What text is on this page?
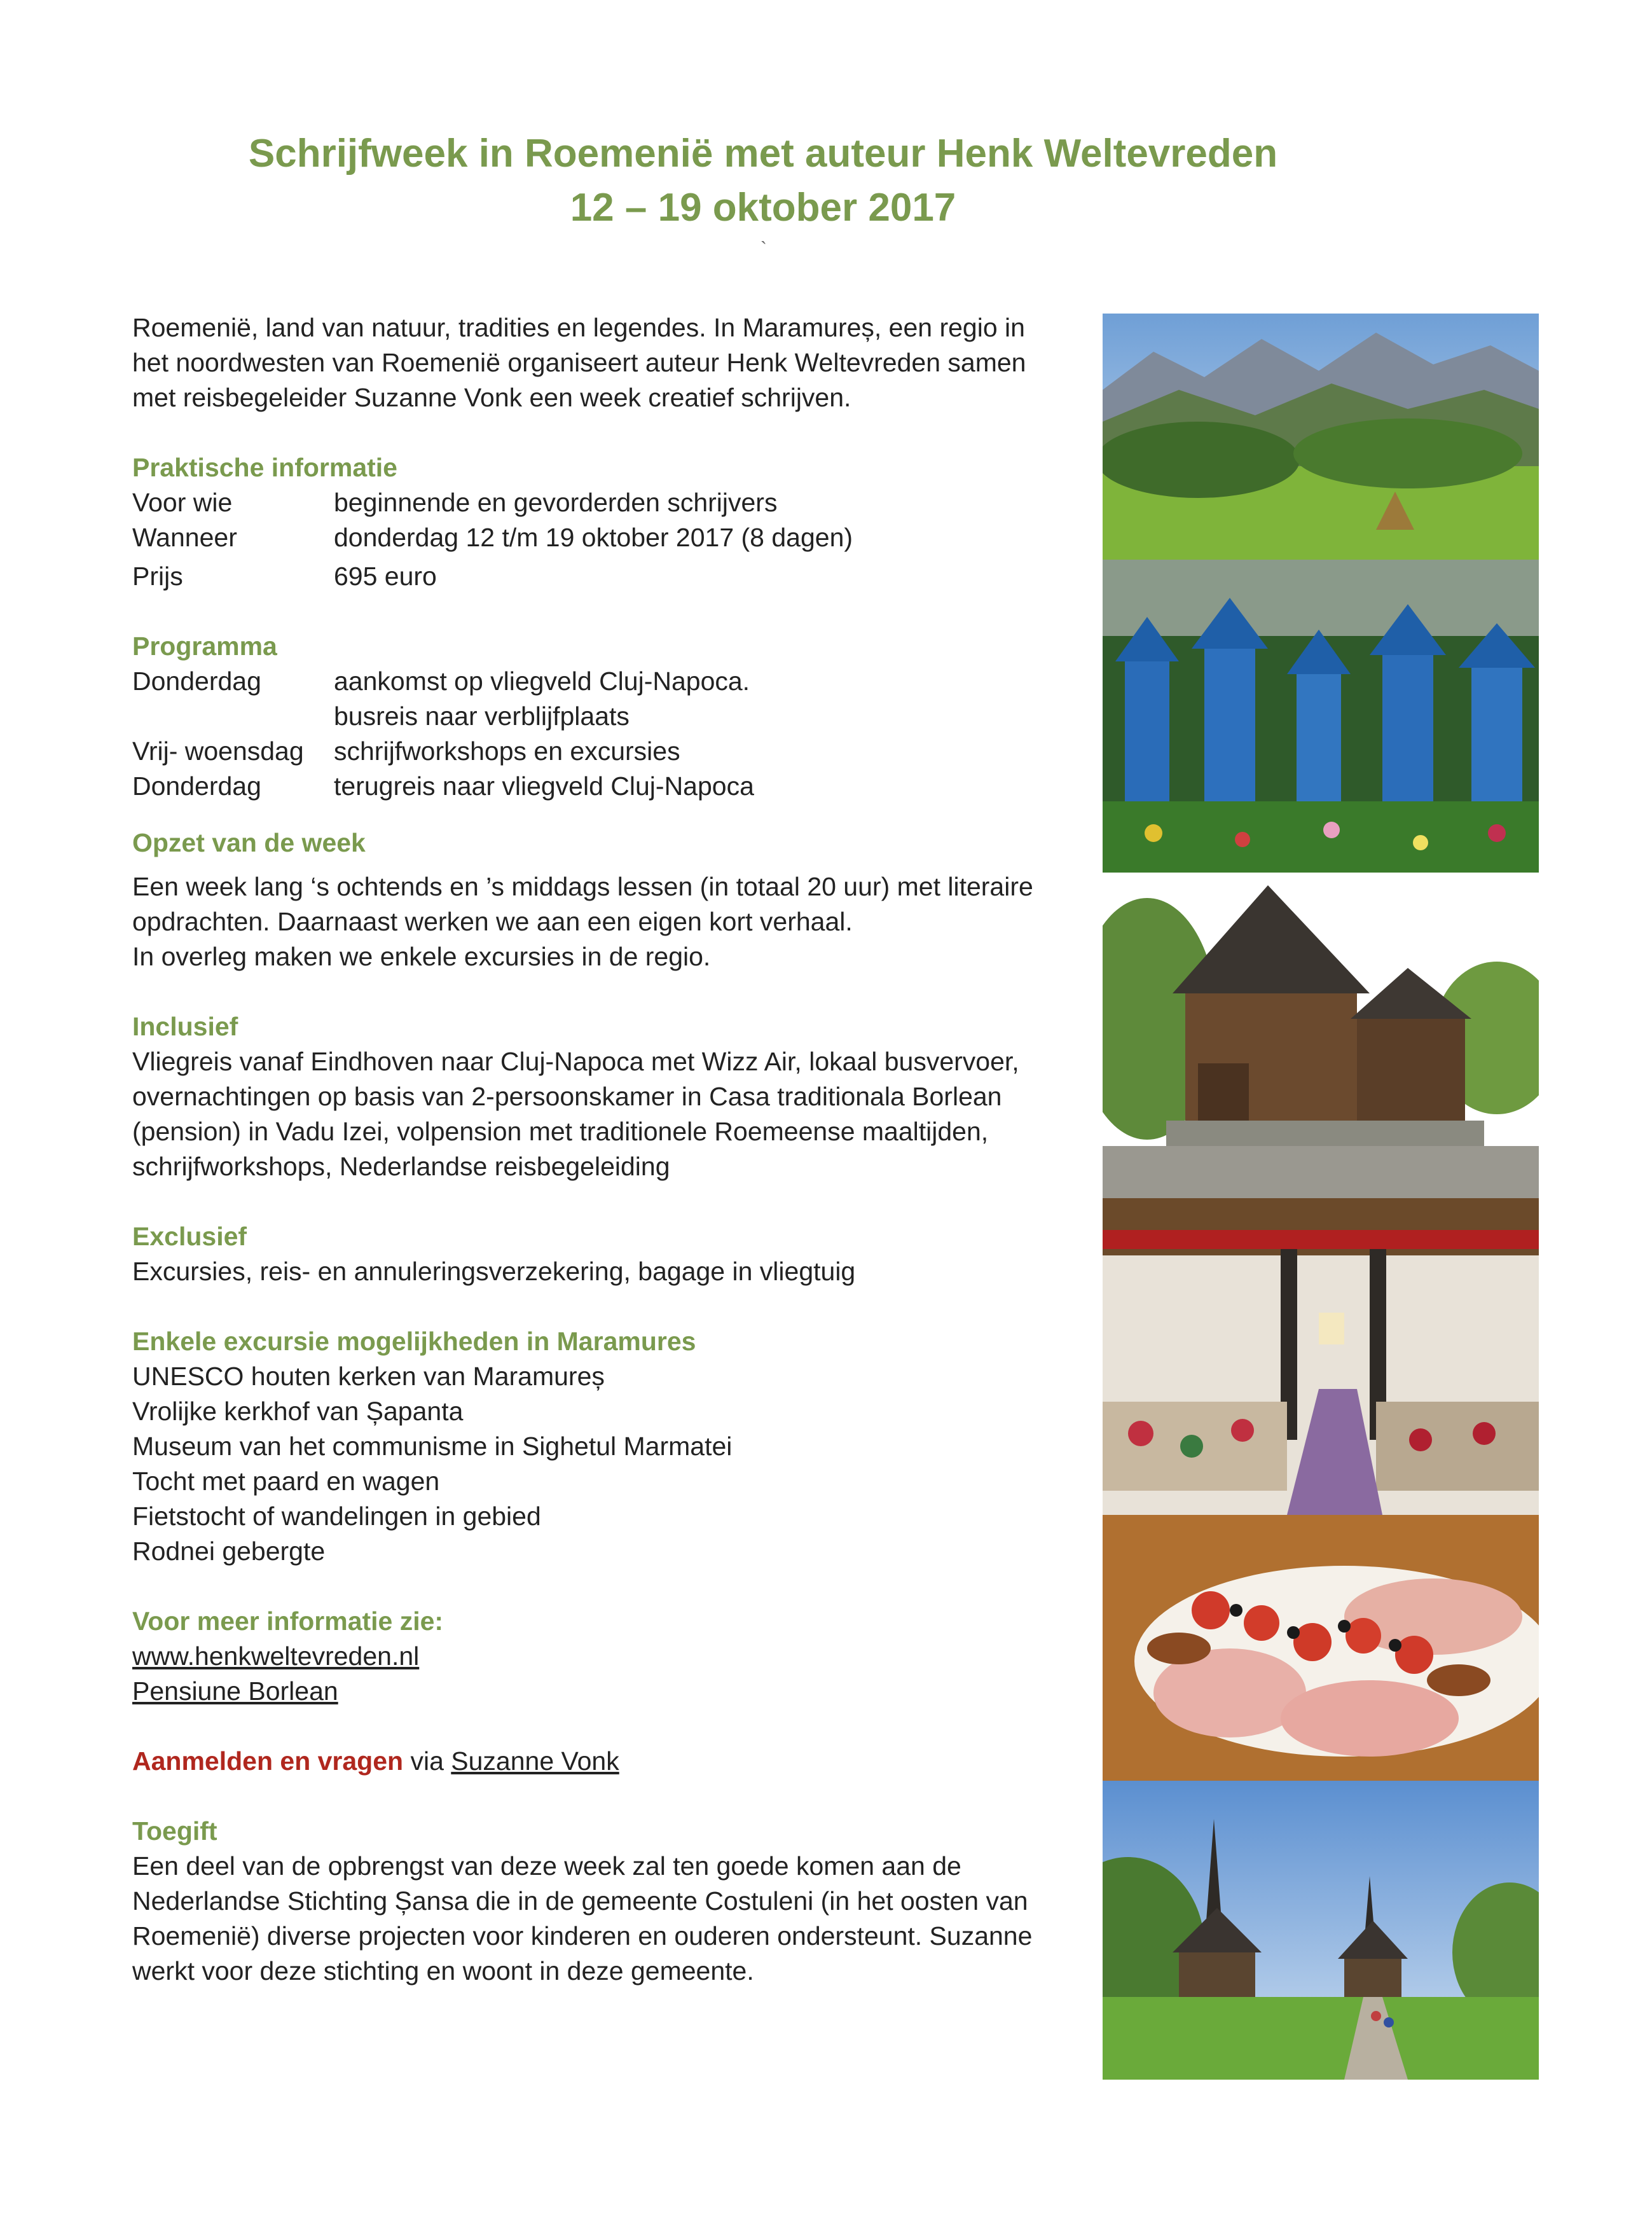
Schrijfweek in Roemenië met auteur Henk Weltevreden
12 – 19 oktober 2017
`

Roemenië, land van natuur, tradities en legendes. In Maramureș, een regio in

het noordwesten van Roemenië organiseert auteur Henk Weltevreden samen

met reisbegeleider Suzanne Vonk een week creatief schrijven.

Praktische informatie

Voor wie	beginnende en gevorderden schrijvers
Wanneer	donderdag 12 t/m 19 oktober 2017 (8 dagen)
Prijs	695 euro

Programma

Donderdag	aankomst op vliegveld Cluj-Napoca.
busreis naar verblijfplaats
Vrij- woensdag	schrijfworkshops en excursies
Donderdag	terugreis naar vliegveld Cluj-Napoca

Opzet van de week

Een week lang ‘s ochtends en ’s middags lessen (in totaal 20 uur) met literaire

opdrachten. Daarnaast werken we aan een eigen kort verhaal.

In overleg maken we enkele excursies in de regio.

Inclusief

Vliegreis vanaf Eindhoven naar Cluj-Napoca met Wizz Air, lokaal busvervoer,

overnachtingen op basis van 2-persoonskamer in Casa traditionala Borlean

(pension) in Vadu Izei, volpension met traditionele Roemeense maaltijden,

schrijfworkshops, Nederlandse reisbegeleiding

Exclusief

Excursies, reis- en annuleringsverzekering, bagage in vliegtuig

Enkele excursie mogelijkheden in Maramures

UNESCO houten kerken van Maramureș

Vrolijke kerkhof van Șapanta

Museum van het communisme in Sighetul Marmatei

Tocht met paard en wagen

Fietstocht of wandelingen in gebied

Rodnei gebergte

Voor meer informatie zie:

www.henkweltevreden.nl

Pensiune Borlean

Aanmelden en vragen via Suzanne Vonk

Toegift

Een deel van de opbrengst van deze week zal ten goede komen aan de

Nederlandse Stichting Șansa die in de gemeente Costuleni (in het oosten van

Roemenië) diverse projecten voor kinderen en ouderen ondersteunt. Suzanne

werkt voor deze stichting en woont in deze gemeente.
